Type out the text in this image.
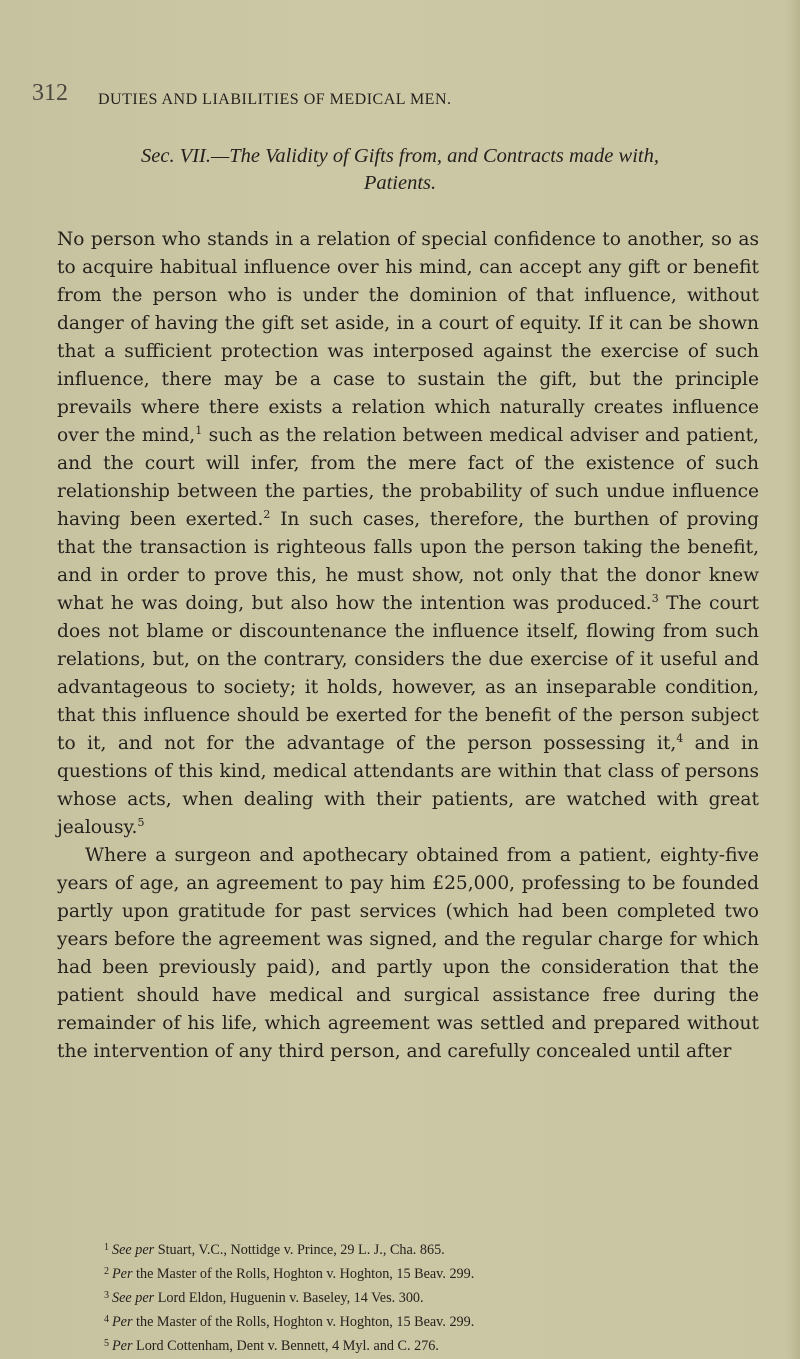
312 DUTIES AND LIABILITIES OF MEDICAL MEN.
Sec. VII.—The Validity of Gifts from, and Contracts made with,
Patients.

No person who stands in a relation of special confidence to another, so as to acquire habitual influence over his mind, can accept any gift or benefit from the person who is under the dominion of that influence, without danger of having the gift set aside, in a court of equity. If it can be shown that a sufficient protection was interposed against the exercise of such influence, there may be a case to sustain the gift, but the principle prevails where there exists a relation which naturally creates influence over the mind,$^1$ such as the relation between medical adviser and patient, and the court will infer, from the mere fact of the existence of such relationship between the parties, the probability of such undue influence having been exerted.$^2$ In such cases, therefore, the burthen of proving that the transaction is righteous falls upon the person taking the benefit, and in order to prove this, he must show, not only that the donor knew what he was doing, but also how the intention was produced.$^3$ The court does not blame or discountenance the influence itself, flowing from such relations, but, on the contrary, considers the due exercise of it useful and advantageous to society; it holds, however, as an inseparable condition, that this influence should be exerted for the benefit of the person subject to it, and not for the advantage of the person possessing it,$^4$ and in questions of this kind, medical attendants are within that class of persons whose acts, when dealing with their patients, are watched with great jealousy.$^5$

Where a surgeon and apothecary obtained from a patient, eighty-five years of age, an agreement to pay him £25,000, professing to be founded partly upon gratitude for past services (which had been completed two years before the agreement was signed, and the regular charge for which had been previously paid), and partly upon the consideration that the patient should have medical and surgical assistance free during the remainder of his life, which agreement was settled and prepared without the intervention of any third person, and carefully concealed until after

$^1$ See per Stuart, V.C., Nottidge v. Prince, 29 L. J., Cha. 865.
$^2$ Per the Master of the Rolls, Hoghton v. Hoghton, 15 Beav. 299.
$^3$ See per Lord Eldon, Huguenin v. Baseley, 14 Ves. 300.
$^4$ Per the Master of the Rolls, Hoghton v. Hoghton, 15 Beav. 299.
$^5$ Per Lord Cottenham, Dent v. Bennett, 4 Myl. and C. 276.
